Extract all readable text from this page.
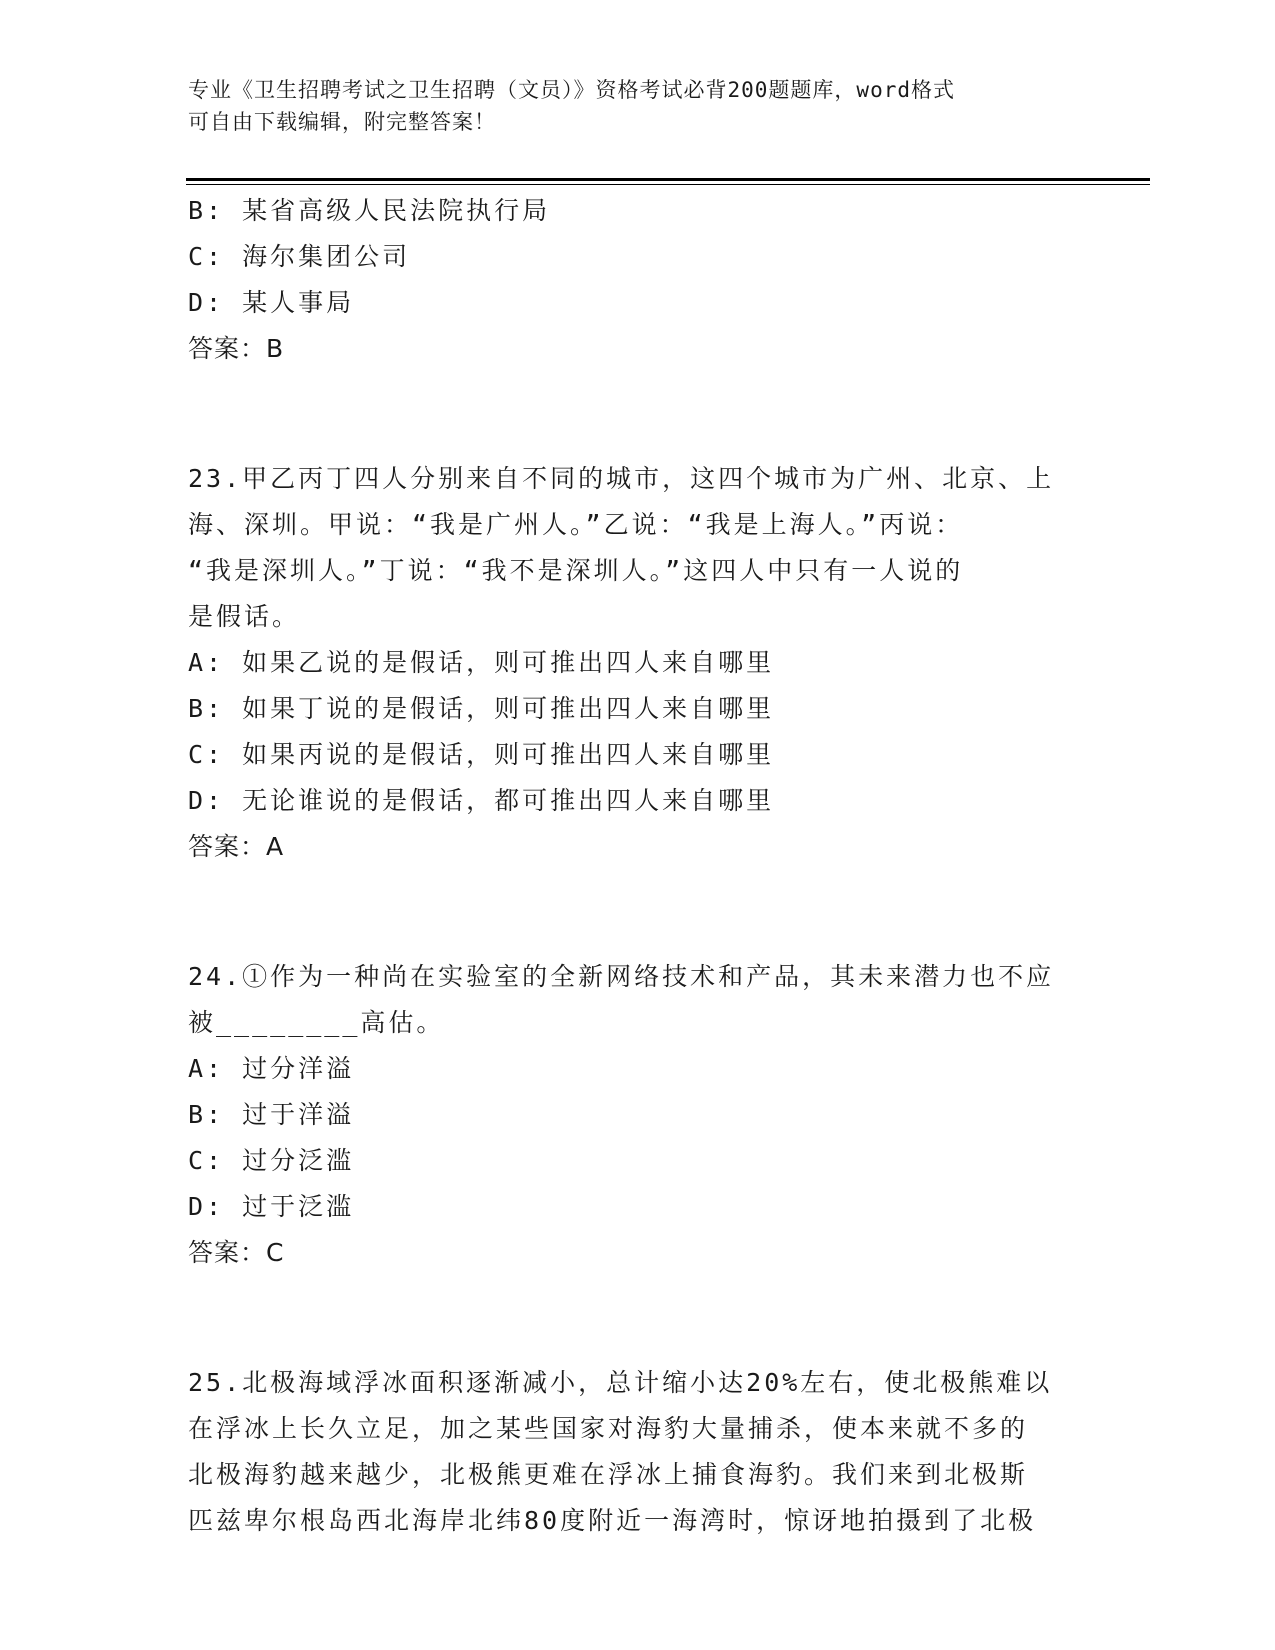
专业《卫生招聘考试之卫生招聘（文员）》资格考试必背200题题库，word格式
可自由下载编辑，附完整答案！
B: 某省高级人民法院执行局
C: 海尔集团公司
D: 某人事局
答案：B
23.甲乙丙丁四人分别来自不同的城市，这四个城市为广州、北京、上
海、深圳。甲说：“我是广州人。”乙说：“我是上海人。”丙说：
“我是深圳人。”丁说：“我不是深圳人。”这四人中只有一人说的
是假话。
A: 如果乙说的是假话，则可推出四人来自哪里
B: 如果丁说的是假话，则可推出四人来自哪里
C: 如果丙说的是假话，则可推出四人来自哪里
D: 无论谁说的是假话，都可推出四人来自哪里
答案：A
24.①作为一种尚在实验室的全新网络技术和产品，其未来潜力也不应
被________高估。
A: 过分洋溢
B: 过于洋溢
C: 过分泛滥
D: 过于泛滥
答案：C
25.北极海域浮冰面积逐渐减小，总计缩小达20%左右，使北极熊难以
在浮冰上长久立足，加之某些国家对海豹大量捕杀，使本来就不多的
北极海豹越来越少，北极熊更难在浮冰上捕食海豹。我们来到北极斯
匹兹卑尔根岛西北海岸北纬80度附近一海湾时，惊讶地拍摄到了北极
